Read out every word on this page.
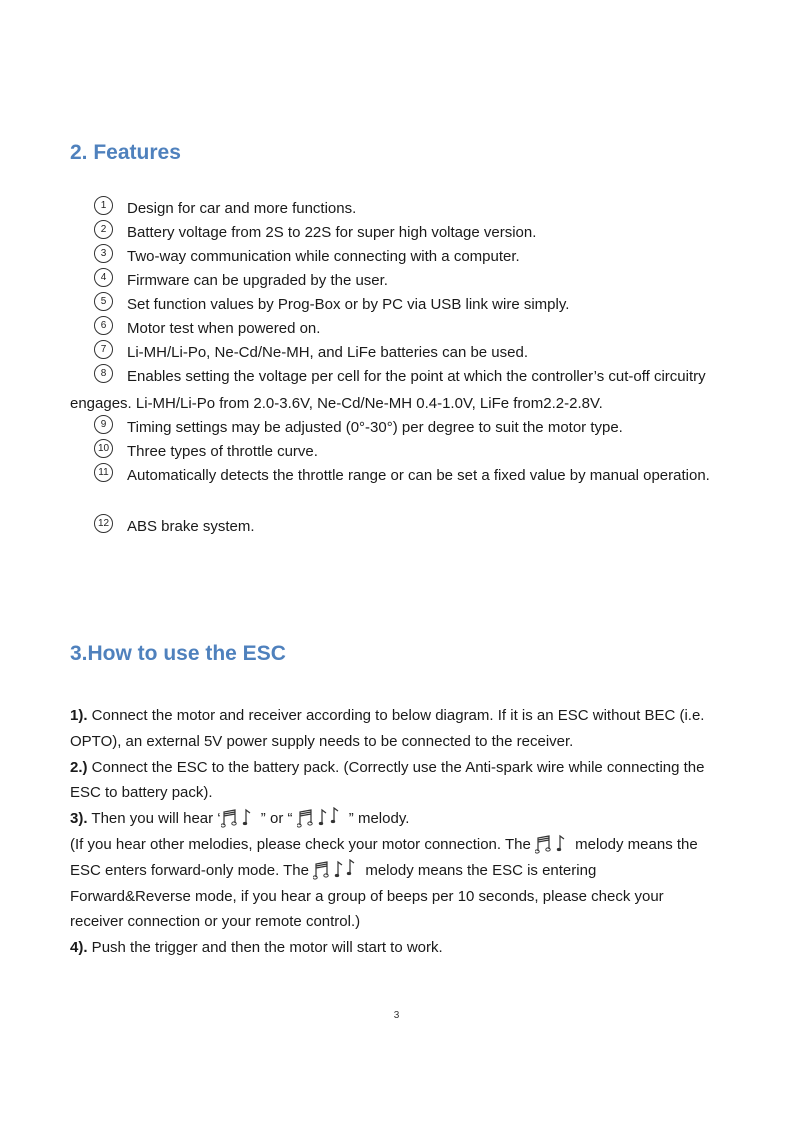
2. Features
1	Design for car and more functions.
2	Battery voltage from 2S to 22S for super high voltage version.
3	Two-way communication while connecting with a computer.
4	Firmware can be upgraded by the user.
5	Set function values by Prog-Box or by PC via USB link wire simply.
6	Motor test when powered on.
7	Li-MH/Li-Po, Ne-Cd/Ne-MH, and LiFe batteries can be used.
8	Enables setting the voltage per cell for the point at which the controller’s cut-off circuitry engages. Li-MH/Li-Po from 2.0-3.6V, Ne-Cd/Ne-MH 0.4-1.0V, LiFe from2.2-2.8V.
9	Timing settings may be adjusted (0°-30°) per degree to suit the motor type.
10	Three types of throttle curve.
11	Automatically detects the throttle range or can be set a fixed value by manual operation.
12	ABS brake system.
3.How to use the ESC

1). Connect the motor and receiver according to below diagram. If it is an ESC without BEC (i.e. OPTO), an external 5V power supply needs to be connected to the receiver.

2.) Connect the ESC to the battery pack. (Correctly use the Anti-spark wire while connecting the ESC to battery pack).

3). Then you will hear ‘ ” or “	” melody.

(If you hear other melodies, please check your motor connection. The  melody means the ESC enters forward-only mode. The	melody means the ESC is entering Forward&Reverse mode, if you hear a group of beeps per 10 seconds, please check your receiver connection or your remote control.)

4). Push the trigger and then the motor will start to work.

3
